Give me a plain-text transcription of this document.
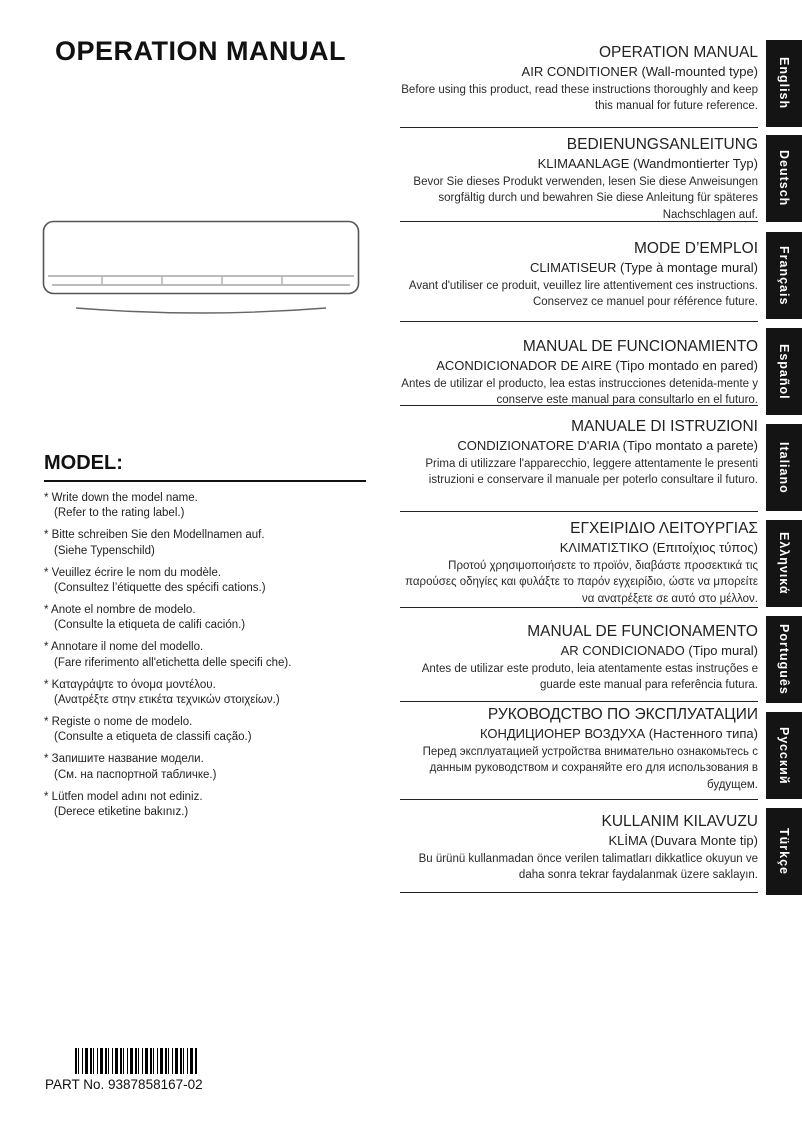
OPERATION MANUAL
MODEL:
* Write down the model name.
(Refer to the rating label.)
* Bitte schreiben Sie den Modellnamen auf.
(Siehe Typenschild)
* Veuillez écrire le nom du modèle.
(Consultez l’étiquette des spécifi cations.)
* Anote el nombre de modelo.
(Consulte la etiqueta de califi cación.)
* Annotare il nome del modello.
(Fare riferimento all'etichetta delle specifi che).
* Καταγράψτε το όνομα μοντέλου.
(Ανατρέξτε στην ετικέτα τεχνικών στοιχείων.)
* Registe o nome de modelo.
(Consulte a etiqueta de classifi cação.)
* Запишите название модели.
(См. на паспортной табличке.)
* Lütfen model adını not ediniz.
(Derece etiketine bakınız.)
OPERATION MANUAL
AIR CONDITIONER (Wall-mounted type)
Before using this product, read these instructions thoroughly and keep this manual for future reference.
BEDIENUNGSANLEITUNG
KLIMAANLAGE (Wandmontierter Typ)
Bevor Sie dieses Produkt verwenden, lesen Sie diese Anweisungen sorgfältig durch und bewahren Sie diese Anleitung für späteres Nachschlagen auf.
MODE D’EMPLOI
CLIMATISEUR (Type à montage mural)
Avant d'utiliser ce produit, veuillez lire attentivement ces instructions. Conservez ce manuel pour référence future.
MANUAL DE FUNCIONAMIENTO
ACONDICIONADOR DE AIRE (Tipo montado en pared)
Antes de utilizar el producto, lea estas instrucciones detenida-mente y conserve este manual para consultarlo en el futuro.
MANUALE DI ISTRUZIONI
CONDIZIONATORE D'ARIA (Tipo montato a parete)
Prima di utilizzare l'apparecchio, leggere attentamente le presenti istruzioni e conservare il manuale per poterlo consultare il futuro.
ΕΓΧΕΙΡΙΔΙΟ ΛΕΙΤΟΥΡΓΙΑΣ
ΚΛΙΜΑΤΙΣΤΙΚΟ (Επιτοίχιος τύπος)
Προτού χρησιμοποιήσετε το προϊόν, διαβάστε προσεκτικά τις παρούσες οδηγίες και φυλάξτε το παρόν εγχειρίδιο, ώστε να μπορείτε να ανατρέξετε σε αυτό στο μέλλον.
MANUAL DE FUNCIONAMENTO
AR CONDICIONADO (Tipo mural)
Antes de utilizar este produto, leia atentamente estas instruções e guarde este manual para referência futura.
РУКОВОДСТВО ПО ЭКСПЛУАТАЦИИ
КОНДИЦИОНЕР ВОЗДУХА (Настенного типа)
Перед эксплуатацией устройства внимательно ознакомьтесь с данным руководством и сохраняйте его для использования в будущем.
KULLANIM KILAVUZU
KLİMA (Duvara Monte tip)
Bu ürünü kullanmadan önce verilen talimatları dikkatlice okuyun ve daha sonra tekrar faydalanmak üzere saklayın.
English
Deutsch
Français
Español
Italiano
Ελληνικά
Português
Русский
Türkçe
PART No. 9387858167-02
